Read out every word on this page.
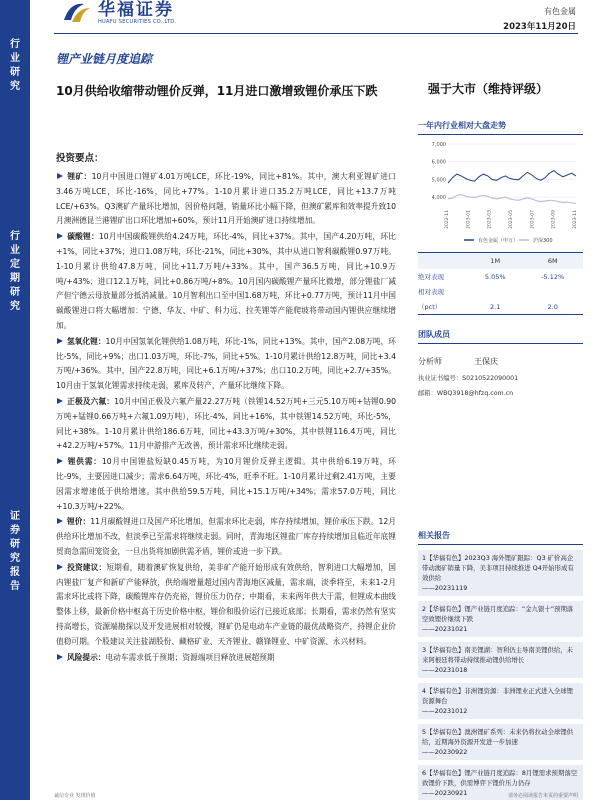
行
业
研
究
行
业
定
期
研
究
证
券
研
究
报
告
华福证券
HUAFU SECURITIES CO.,LTD.
有色金属
2023年11月20日
锂产业链月度追踪
10月供给收缩带动锂价反弹，11月进口激增致锂价承压下跌	强于大市（维持评级）
投资要点：

锂矿：10月中国进口锂矿4.01万吨LCE，环比-19%，同比+81%。其中，澳大利亚锂矿进口3.46万吨LCE，环比-16%，同比+77%。1-10月累计进口35.2万吨LCE，同比+13.7万吨LCE/+63%。Q3澳矿产量环比增加，因价格问题，销量环比小幅下降，但澳矿累库和效率提升致10月澳洲德昆兰港锂矿出口环比增加+60%，预计11月开始澳矿进口持续增加。

碳酸锂：10月中国碳酸锂供给4.24万吨，环比-4%，同比+37%。其中，国产4.20万吨，环比+1%，同比+37%；进口1.08万吨，环比-21%，同比+30%，其中从进口智利碳酸锂0.97万吨。1-10月累计供给47.8万吨，同比+11.7万吨/+33%。其中，国产36.5万吨，同比+10.9万吨/+43%；进口12.1万吨，同比+0.86万吨/+8%。10月国内碳酸锂产量环比微增，部分锂盐厂减产但宁德云母放量部分抵消减量。10月智利出口至中国1.68万吨，环比+0.77万吨，预计11月中国碳酸锂进口将大幅增加：宁德、华友、中矿、科力远、拉芙锂等产能爬坡将带动国内锂供应继续增加。

氢氧化锂：10月中国氢氧化锂供给1.08万吨，环比-1%，同比+13%。其中，国产2.08万吨，环比-5%，同比+9%；出口1.03万吨，环比-7%，同比+5%。1-10月累计供给12.8万吨，同比+3.4万吨/+36%。其中，国产22.8万吨，同比+6.1万吨/+37%；出口10.2万吨，同比+2.7/+35%。10月由于氢氧化锂需求持续走弱，累库及转产，产量环比继续下降。

正极及六氟：10月中国正极及六氟产量22.27万吨（铁锂14.52万吨+三元5.10万吨+钴锂0.90万吨+锰锂0.66万吨+六氟1.09万吨），环比-4%，同比+16%，其中铁锂14.52万吨，环比-5%，同比+38%。1-10月累计供给186.6万吨，同比+43.3万吨/+30%，其中铁锂116.4万吨，同比+42.2万吨/+57%。11月中游排产无改善，预计需求环比继续走弱。

锂供需：10月中国锂盐短缺0.45万吨，为10月锂价反弹主逻辑。其中供给6.19万吨，环比-9%，主要因进口减少；需求6.64万吨，环比-4%，旺季不旺。1-10月累计过剩2.41万吨，主要因需求增速低于供给增速。其中供给59.5万吨，同比+15.1万吨/+34%；需求57.0万吨，同比+10.3万吨/+22%。

锂价：11月碳酸锂进口及国产环比增加，但需求环比走弱，库存持续增加，锂价承压下跌。12月供给环比增加不改，但淡季已至需求将继续走弱。同时，青海地区锂盐厂库存持续增加且临近年底锂贸商急需回笼资金，一旦出货将加剧供需矛盾，锂价或进一步下跌。

投资建议：短期看，随着澳矿恢复供给，美非矿产能开始形成有效供给，智利进口大幅增加，国内锂盐厂复产和新矿产能释放，供给端增量超过国内青海地区减量，需求端，淡季将至，未来1-2月需求环比或将下降，碳酸锂库存仍充裕，锂价压力仍存；中期看，未来两年供大于需，但锂成本曲线整体上移，最新价格中枢高于历史价格中枢，锂价和股价运行已接近底部；长期看，需求仍然有坚实持高增长，资源端勘探以及开发进展相对较慢，锂矿仍是电动车产业链的最优战略资产，持锂企业价值稳可期。个股建议关注盐湖股份、藏格矿业、天齐锂业、赣锋锂业、中矿资源、永兴材料。

风险提示：电动车需求低于预期；资源端项目释放进展超预期

一年内行业相对大盘走势
7,000
6,000
5,000
4,000
2022-11	2023-01	2023-03	2023-05	2023-07	2023-09	2023-11
有色金属（申万）	沪深300
	1M	6M
绝对表现	5.05%	-5.12%
相对表现		
（pct）	2.1	2.0
团队成员
分析师	王保庆
执业证书编号：S0210522090001
邮箱：WBQ3918@hfzq.com.cn
相关报告
1【华福有色】2023Q3 海外锂矿跟踪：Q3 矿价高企带动澳矿销量下降，美非项目持续推进 Q4开始形成有效供给
——20231119
2【华福有色】锂产业链月度追踪：“金九银十”预期落空致锂价继续下跌
——20231021
3【华福有色】南美锂湖：智利仍主导南美锂供给，未来阿根廷将带动持续推动锂供给增长
——20231018
4【华福有色】非洲锂资源：非洲锂业正式进入全球锂资源舞台
——20231012
5【华福有色】澳洲锂矿系列：未来仍将拉动全球锂供给，近期海外资源开发进一步加速
——20230922
6【华福有色】锂产业链月度追踪：8月锂需求预期落空致锂价下跌，供需博弈下锂价压力仍存
——20230921
诚信专业 发现价值	请务必阅读报告末页的重要声明
